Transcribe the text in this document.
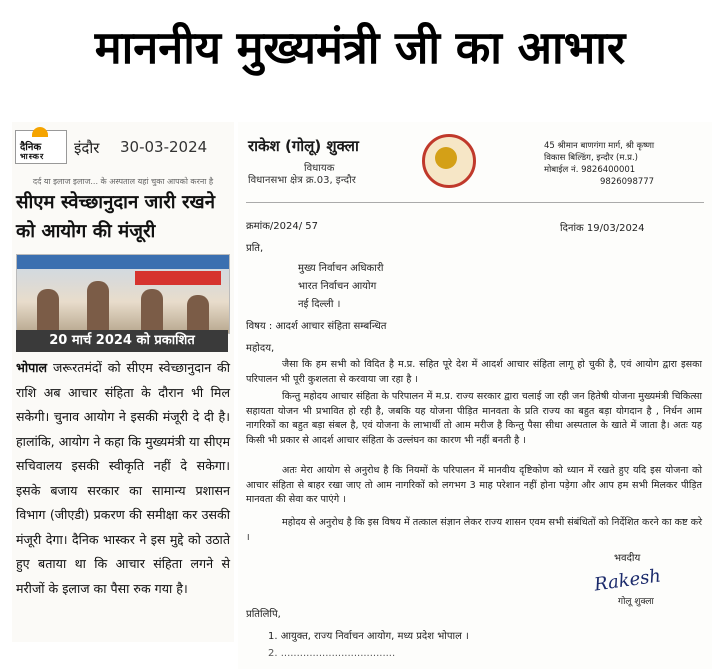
माननीय मुख्यमंत्री जी का आभार
दैनिक
भास्कर इंदौर 30-03-2024
दर्द या इलाज इलाज... के अस्पताल यहां चुका आपको करना है
सीएम स्वेच्छानुदान जारी रखने को आयोग की मंजूरी
20 मार्च 2024 को प्रकाशित
भोपाल जरूरतमंदों को सीएम स्वेच्छानुदान की राशि अब आचार संहिता के दौरान भी मिल सकेगी। चुनाव आयोग ने इसकी मंजूरी दे दी है। हालांकि, आयोग ने कहा कि मुख्यमंत्री या सीएम सचिवालय इसकी स्वीकृति नहीं दे सकेगा। इसके बजाय सरकार का सामान्य प्रशासन विभाग (जीएडी) प्रकरण की समीक्षा कर उसकी मंजूरी देगा। दैनिक भास्कर ने इस मुद्दे को उठाते हुए बताया था कि आचार संहिता लगने से मरीजों के इलाज का पैसा रुक गया है।
राकेश (गोलू) शुक्ला
विधायक
विधानसभा क्षेत्र क्र.03, इन्दौर
45 श्रीमान बाणगंगा मार्ग, श्री कृष्णा
विकास बिल्डिंग, इन्दौर (म.प्र.)
मोबाईल नं. 9826400001
9826098777
क्रमांक/2024/ 57	दिनांक 19/03/2024
प्रति,
मुख्य निर्वाचन अधिकारी
भारत निर्वाचन आयोग
नई दिल्ली ।
विषय : आदर्श आचार संहिता सम्बन्धित
महोदय,
जैसा कि हम सभी को विदित है म.प्र. सहित पूरे देश में आदर्श आचार संहिता लागू हो चुकी है, एवं आयोग द्वारा इसका परिपालन भी पूरी कुशलता से करवाया जा रहा है ।
किन्तु महोदय आचार संहिता के परिपालन में म.प्र. राज्य सरकार द्वारा चलाई जा रही जन हितेषी योजना मुख्यमंत्री चिकित्सा सहायता योजन भी प्रभावित हो रही है, जबकि यह योजना पीड़ित मानवता के प्रति राज्य का बहुत बड़ा योगदान है , निर्धन आम नागरिकों का बहुत बड़ा संबल है, एवं योजना के लाभार्थी तो आम मरीज है किन्तु पैसा सीधा अस्पताल के खाते में जाता है। अतः यह किसी भी प्रकार से आदर्श आचार संहिता के उल्लंघन का कारण भी नहीं बनती है ।
अतः मेरा आयोग से अनुरोध है कि नियमों के परिपालन में मानवीय दृष्टिकोण को ध्यान में रखते हुए यदि इस योजना को आचार संहिता से बाहर रखा जाए तो आम नागरिकों को लगभग 3 माह परेशान नहीं होना पड़ेगा और आप हम सभी मिलकर पीड़ित मानवता की सेवा कर पाएंगे ।
महोदय से अनुरोध है कि इस विषय में तत्काल संज्ञान लेकर राज्य शासन एवम सभी संबंधितों को निर्देशित करने का कष्ट करे ।
भवदीय
Rakesh
गोलू शुक्ला
प्रतिलिपि,
1. आयुक्त, राज्य निर्वाचन आयोग, मध्य प्रदेश भोपाल ।
2. ....................................
